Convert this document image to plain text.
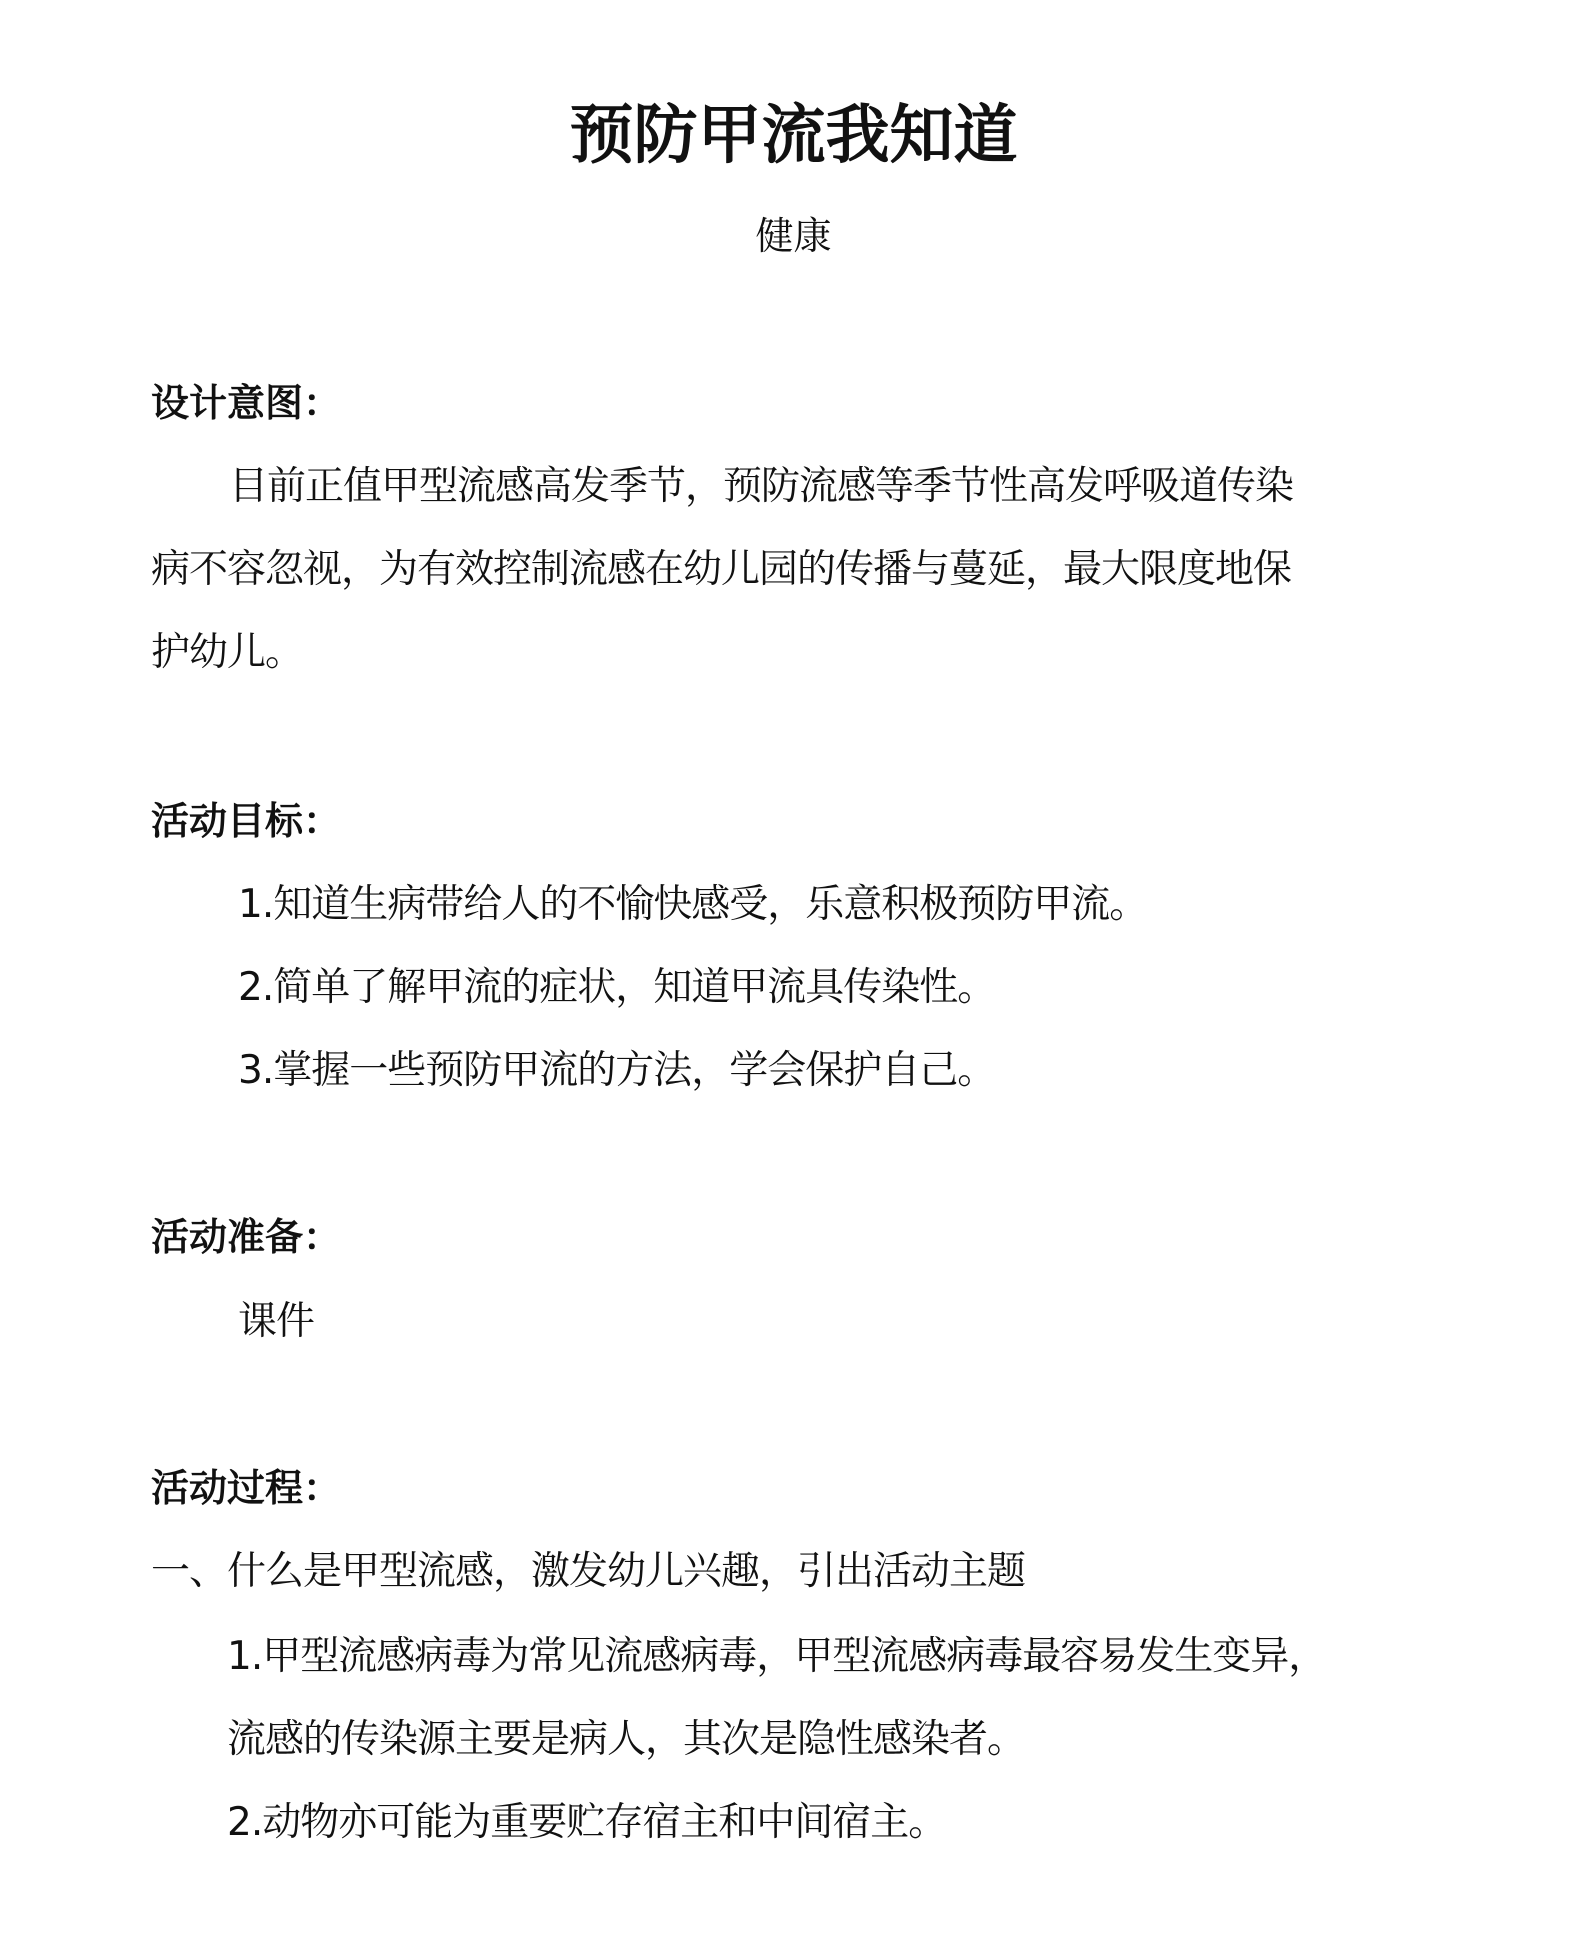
预防甲流我知道
健康
设计意图：
目前正值甲型流感高发季节，预防流感等季节性高发呼吸道传染
病不容忽视，为有效控制流感在幼儿园的传播与蔓延，最大限度地保
护幼儿。
活动目标：
1.知道生病带给人的不愉快感受，乐意积极预防甲流。
2.简单了解甲流的症状，知道甲流具传染性。
3.掌握一些预防甲流的方法，学会保护自己。
活动准备：
课件
活动过程：
一、什么是甲型流感，激发幼儿兴趣，引出活动主题
1.甲型流感病毒为常见流感病毒，甲型流感病毒最容易发生变异，
流感的传染源主要是病人，其次是隐性感染者。
2.动物亦可能为重要贮存宿主和中间宿主。
